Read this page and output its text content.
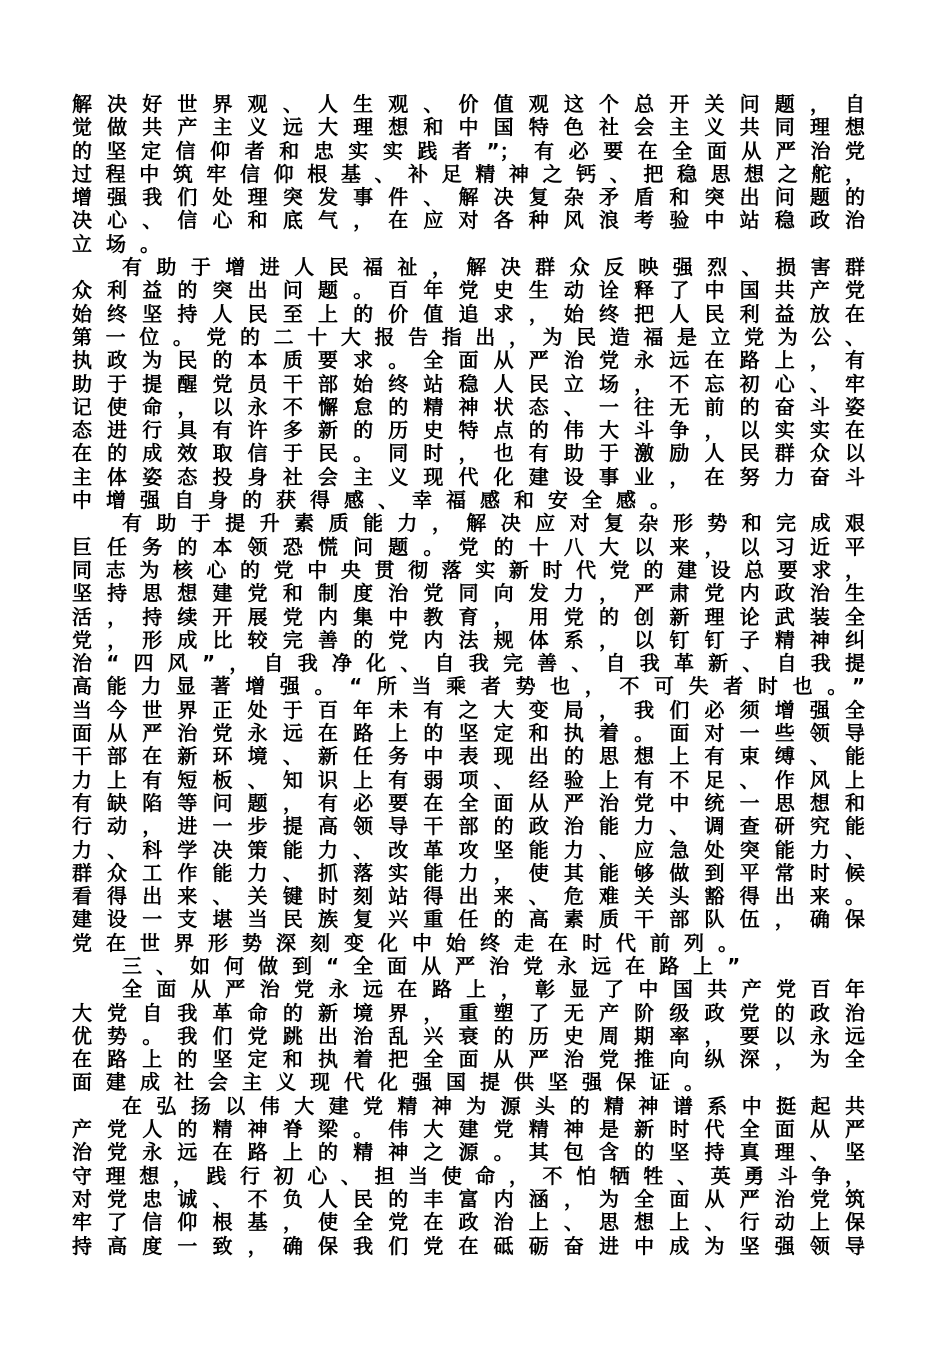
解决好世界观、人生观、价值观这个总开关问题，自
觉做共产主义远大理想和中国特色社会主义共同理想
的坚定信仰者和忠实实践者”；有必要在全面从严治党
过程中筑牢信仰根基、补足精神之钙、把稳思想之舵，
增强我们处理突发事件、解决复杂矛盾和突出问题的
决心、信心和底气，在应对各种风浪考验中站稳政治
立场。
有助于增进人民福祉，解决群众反映强烈、损害群
众利益的突出问题。百年党史生动诠释了中国共产党
始终坚持人民至上的价值追求，始终把人民利益放在
第一位。党的二十大报告指出，为民造福是立党为公、
执政为民的本质要求。全面从严治党永远在路上，有
助于提醒党员干部始终站稳人民立场，不忘初心、牢
记使命，以永不懈怠的精神状态、一往无前的奋斗姿
态进行具有许多新的历史特点的伟大斗争，以实实在
在的成效取信于民。同时，也有助于激励人民群众以
主体姿态投身社会主义现代化建设事业，在努力奋斗
中增强自身的获得感、幸福感和安全感。
有助于提升素质能力，解决应对复杂形势和完成艰
巨任务的本领恐慌问题。党的十八大以来，以习近平
同志为核心的党中央贯彻落实新时代党的建设总要求，
坚持思想建党和制度治党同向发力，严肃党内政治生
活，持续开展党内集中教育，用党的创新理论武装全
党，形成比较完善的党内法规体系，以钉钉子精神纠
治“四风”，自我净化、自我完善、自我革新、自我提
高能力显著增强。“所当乘者势也，不可失者时也。”
当今世界正处于百年未有之大变局，我们必须增强全
面从严治党永远在路上的坚定和执着。面对一些领导
干部在新环境、新任务中表现出的思想上有束缚、能
力上有短板、知识上有弱项、经验上有不足、作风上
有缺陷等问题，有必要在全面从严治党中统一思想和
行动，进一步提高领导干部的政治能力、调查研究能
力、科学决策能力、改革攻坚能力、应急处突能力、
群众工作能力、抓落实能力，使其能够做到平常时候
看得出来、关键时刻站得出来、危难关头豁得出来。
建设一支堪当民族复兴重任的高素质干部队伍，确保
党在世界形势深刻变化中始终走在时代前列。
三、如何做到“全面从严治党永远在路上”
全面从严治党永远在路上，彰显了中国共产党百年
大党自我革命的新境界，重塑了无产阶级政党的政治
优势。我们党跳出治乱兴衰的历史周期率，要以永远
在路上的坚定和执着把全面从严治党推向纵深，为全
面建成社会主义现代化强国提供坚强保证。
在弘扬以伟大建党精神为源头的精神谱系中挺起共
产党人的精神脊梁。伟大建党精神是新时代全面从严
治党永远在路上的精神之源。其包含的坚持真理、坚
守理想，践行初心、担当使命，不怕牺牲、英勇斗争，
对党忠诚、不负人民的丰富内涵，为全面从严治党筑
牢了信仰根基，使全党在政治上、思想上、行动上保
持高度一致，确保我们党在砥砺奋进中成为坚强领导
